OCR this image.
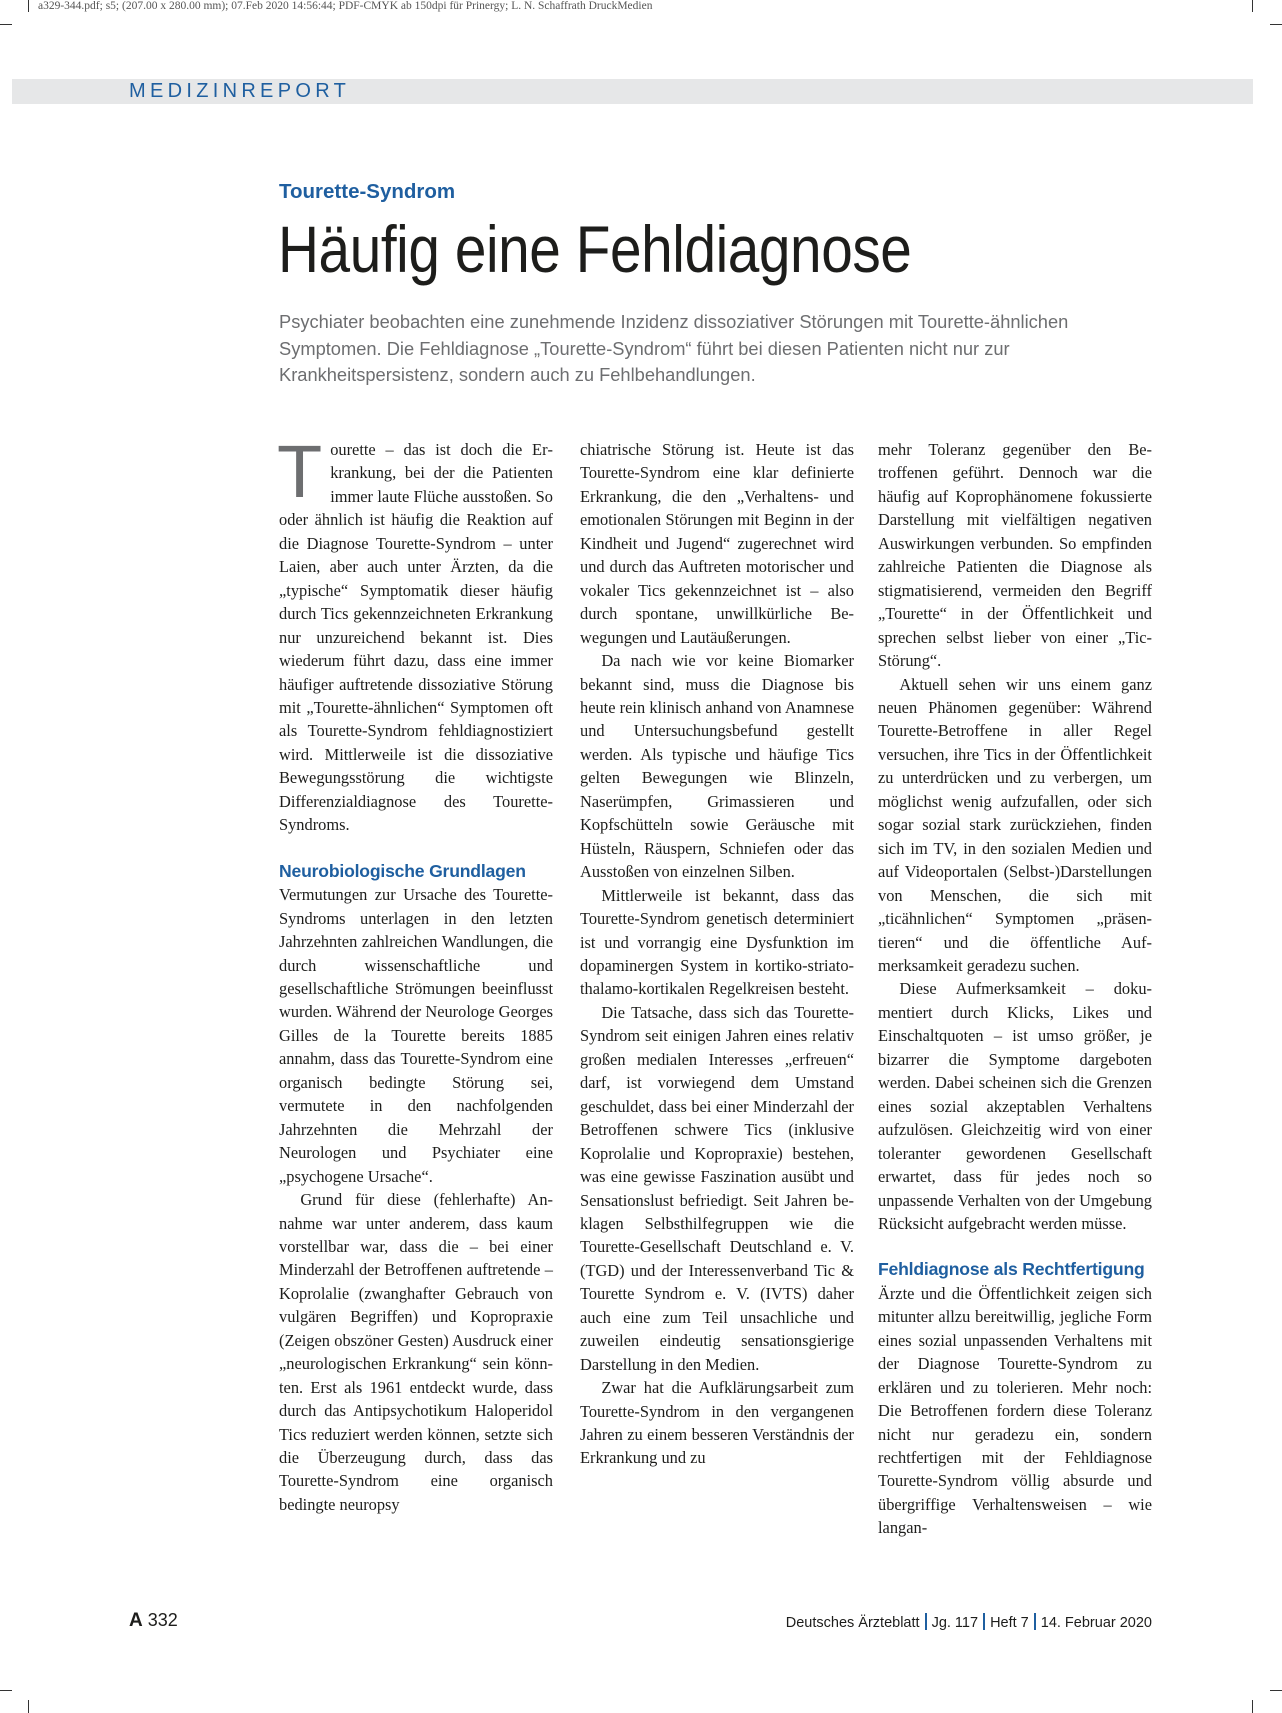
a329-344.pdf; s5; (207.00 x 280.00 mm); 07.Feb 2020 14:56:44; PDF-CMYK ab 150dpi für Prinergy; L. N. Schaffrath DruckMedien
MEDIZINREPORT
Tourette-Syndrom
Häufig eine Fehldiagnose
Psychiater beobachten eine zunehmende Inzidenz dissoziativer Störungen mit Tourette-ähnlichen Symptomen. Die Fehldiagnose „Tourette-Syndrom“ führt bei diesen Patienten nicht nur zur Krankheitspersistenz, sondern auch zu Fehlbehandlungen.
T ourette – das ist doch die Erkrankung, bei der die Patienten immer laute Flüche ausstoßen. So oder ähnlich ist häufig die Reaktion auf die Diagnose Tourette-Syndrom – unter Laien, aber auch unter Ärzten, da die „typische“ Symptomatik dieser häufig durch Tics gekennzeichneten Erkrankung nur unzureichend bekannt ist. Dies wiederum führt dazu, dass eine immer häufiger auftretende dissoziative Störung mit „Tourette-ähnlichen“ Symptomen oft als Tourette-Syndrom fehldiagnostiziert wird. Mittlerweile ist die dissoziative Bewegungsstörung die wichtigste Differenzialdiagnose des Tourette-Syndroms.

Neurobiologische Grundlagen

Vermutungen zur Ursache des Tourette-Syndroms unterlagen in den letzten Jahrzehnten zahlreichen Wandlungen, die durch wissenschaftliche und gesellschaftliche Strömungen beeinflusst wurden. Während der Neurologe Georges Gilles de la Tourette bereits 1885 annahm, dass das Tourette-Syndrom eine organisch bedingte Störung sei, vermutete in den nachfolgenden Jahrzehnten die Mehrzahl der Neurologen und Psychiater eine „psychogene Ursache“.

Grund für diese (fehlerhafte) Annahme war unter anderem, dass kaum vorstellbar war, dass die – bei einer Minderzahl der Betroffenen auftretende – Koprolalie (zwanghafter Gebrauch von vulgären Begriffen) und Kopropraxie (Zeigen obszöner Gesten) Ausdruck einer „neurologischen Erkrankung“ sein könnten. Erst als 1961 entdeckt wurde, dass durch das Antipsychotikum Haloperidol Tics reduziert werden können, setzte sich die Überzeugung durch, dass das Tourette-Syndrom eine organisch bedingte neuropsy

chiatrische Störung ist. Heute ist das Tourette-Syndrom eine klar definierte Erkrankung, die den „Verhaltens- und emotionalen Störungen mit Beginn in der Kindheit und Jugend“ zugerechnet wird und durch das Auftreten motorischer und vokaler Tics gekennzeichnet ist – also durch spontane, unwillkürliche Bewegungen und Lautäußerungen.

Da nach wie vor keine Biomarker bekannt sind, muss die Diagnose bis heute rein klinisch anhand von Anamnese und Untersuchungsbefund gestellt werden. Als typische und häufige Tics gelten Bewegungen wie Blinzeln, Naserümpfen, Grimassieren und Kopfschütteln sowie Geräusche mit Hüsteln, Räuspern, Schniefen oder das Ausstoßen von einzelnen Silben.

Mittlerweile ist bekannt, dass das Tourette-Syndrom genetisch determiniert ist und vorrangig eine Dysfunktion im dopaminergen System in kortiko-striato-thalamo-kortikalen Regelkreisen besteht.

Die Tatsache, dass sich das Tourette-Syndrom seit einigen Jahren eines relativ großen medialen Interesses „erfreuen“ darf, ist vorwiegend dem Umstand geschuldet, dass bei einer Minderzahl der Betroffenen schwere Tics (inklusive Koprolalie und Kopropraxie) bestehen, was eine gewisse Faszination ausübt und Sensationslust befriedigt. Seit Jahren beklagen Selbsthilfegruppen wie die Tourette-Gesellschaft Deutschland e. V. (TGD) und der Interessenverband Tic & Tourette Syndrom e. V. (IVTS) daher auch eine zum Teil unsachliche und zuweilen eindeutig sensationsgierige Darstellung in den Medien.

Zwar hat die Aufklärungsarbeit zum Tourette-Syndrom in den vergangenen Jahren zu einem besseren Verständnis der Erkrankung und zu

mehr Toleranz gegenüber den Betroffenen geführt. Dennoch war die häufig auf Koprophänomene fokussierte Darstellung mit vielfältigen negativen Auswirkungen verbunden. So empfinden zahlreiche Patienten die Diagnose als stigmatisierend, vermeiden den Begriff „Tourette“ in der Öffentlichkeit und sprechen selbst lieber von einer „Tic-Störung“.

Aktuell sehen wir uns einem ganz neuen Phänomen gegenüber: Während Tourette-Betroffene in aller Regel versuchen, ihre Tics in der Öffentlichkeit zu unterdrücken und zu verbergen, um möglichst wenig aufzufallen, oder sich sogar sozial stark zurückziehen, finden sich im TV, in den sozialen Medien und auf Videoportalen (Selbst-)Darstellungen von Menschen, die sich mit „ticähnlichen“ Symptomen „präsentieren“ und die öffentliche Aufmerksamkeit geradezu suchen.

Diese Aufmerksamkeit – dokumentiert durch Klicks, Likes und Einschaltquoten – ist umso größer, je bizarrer die Symptome dargeboten werden. Dabei scheinen sich die Grenzen eines sozial akzeptablen Verhaltens aufzulösen. Gleichzeitig wird von einer toleranter gewordenen Gesellschaft erwartet, dass für jedes noch so unpassende Verhalten von der Umgebung Rücksicht aufgebracht werden müsse.

Fehldiagnose als Rechtfertigung

Ärzte und die Öffentlichkeit zeigen sich mitunter allzu bereitwillig, jegliche Form eines sozial unpassenden Verhaltens mit der Diagnose Tourette-Syndrom zu erklären und zu tolerieren. Mehr noch: Die Betroffenen fordern diese Toleranz nicht nur geradezu ein, sondern rechtfertigen mit der Fehldiagnose Tourette-Syndrom völlig absurde und übergriffige Verhaltensweisen – wie langan-

A 332	Deutsches Ärzteblatt Jg. 117 Heft 7 14. Februar 2020
